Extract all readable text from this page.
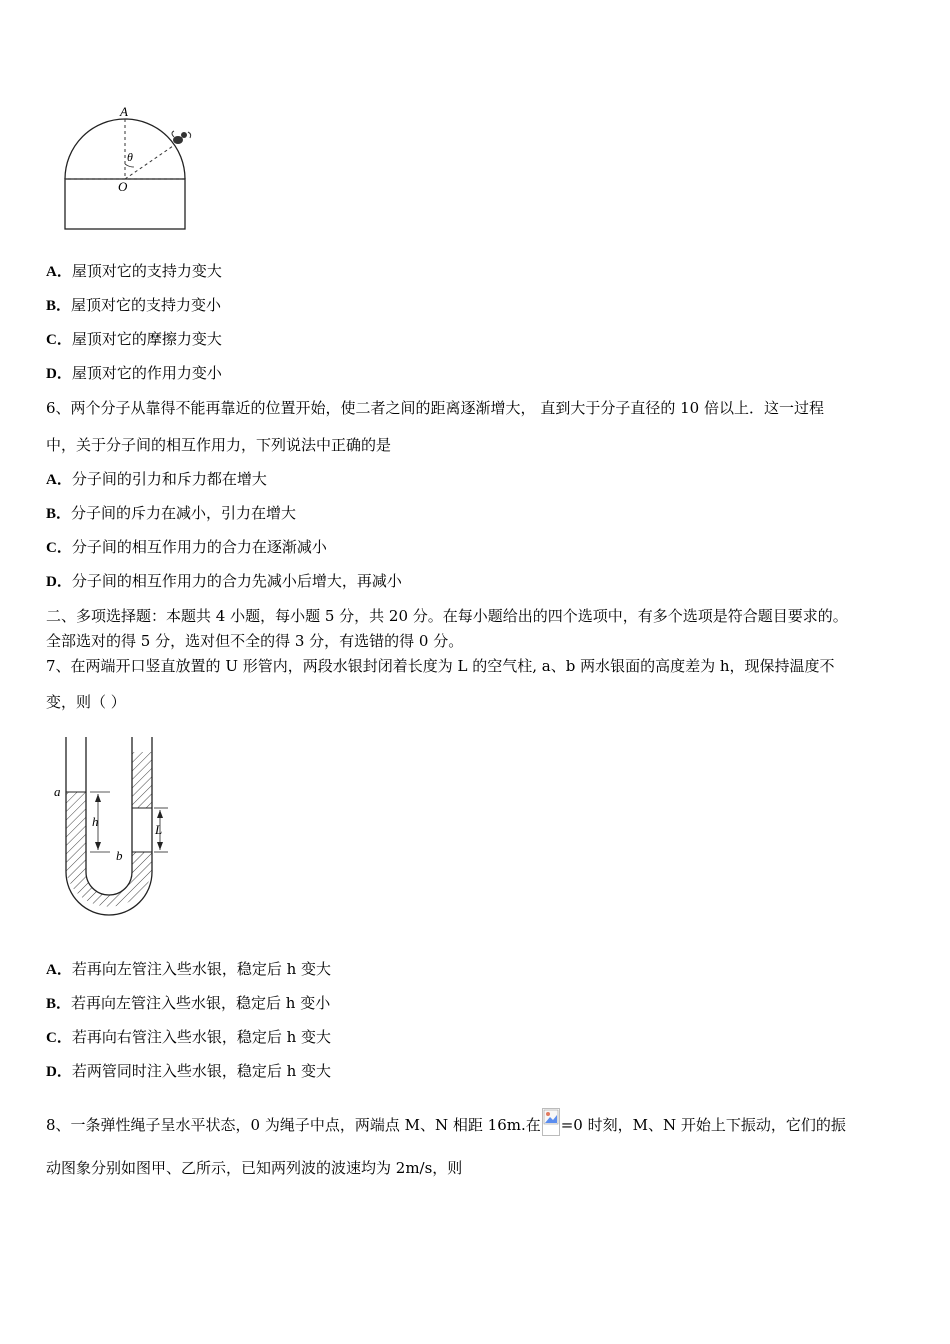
A
O
θ
A．屋顶对它的支持力变大
B．屋顶对它的支持力变小
C．屋顶对它的摩擦力变大
D．屋顶对它的作用力变小
6、两个分子从靠得不能再靠近的位置开始，使二者之间的距离逐渐增大， 直到大于分子直径的 10 倍以上．这一过程
中，关于分子间的相互作用力，下列说法中正确的是
A．分子间的引力和斥力都在增大
B．分子间的斥力在减小，引力在增大
C．分子间的相互作用力的合力在逐渐减小
D．分子间的相互作用力的合力先减小后增大，再减小
二、多项选择题：本题共 4 小题，每小题 5 分，共 20 分。在每小题给出的四个选项中，有多个选项是符合题目要求的。
全部选对的得 5 分，选对但不全的得 3 分，有选错的得 0 分。
7、在两端开口竖直放置的 U 形管内，两段水银封闭着长度为 L 的空气柱, a、b 两水银面的高度差为 h，现保持温度不
变，则（ ）
a
b
h
L
A．若再向左管注入些水银，稳定后 h 变大
B．若再向左管注入些水银，稳定后 h 变小
C．若再向右管注入些水银，稳定后 h 变大
D．若两管同时注入些水银，稳定后 h 变大
8、一条弹性绳子呈水平状态，0 为绳子中点，两端点 M、N 相距 16m.在 =0 时刻，M、N 开始上下振动，它们的振
动图象分别如图甲、乙所示，已知两列波的波速均为 2m/s，则
